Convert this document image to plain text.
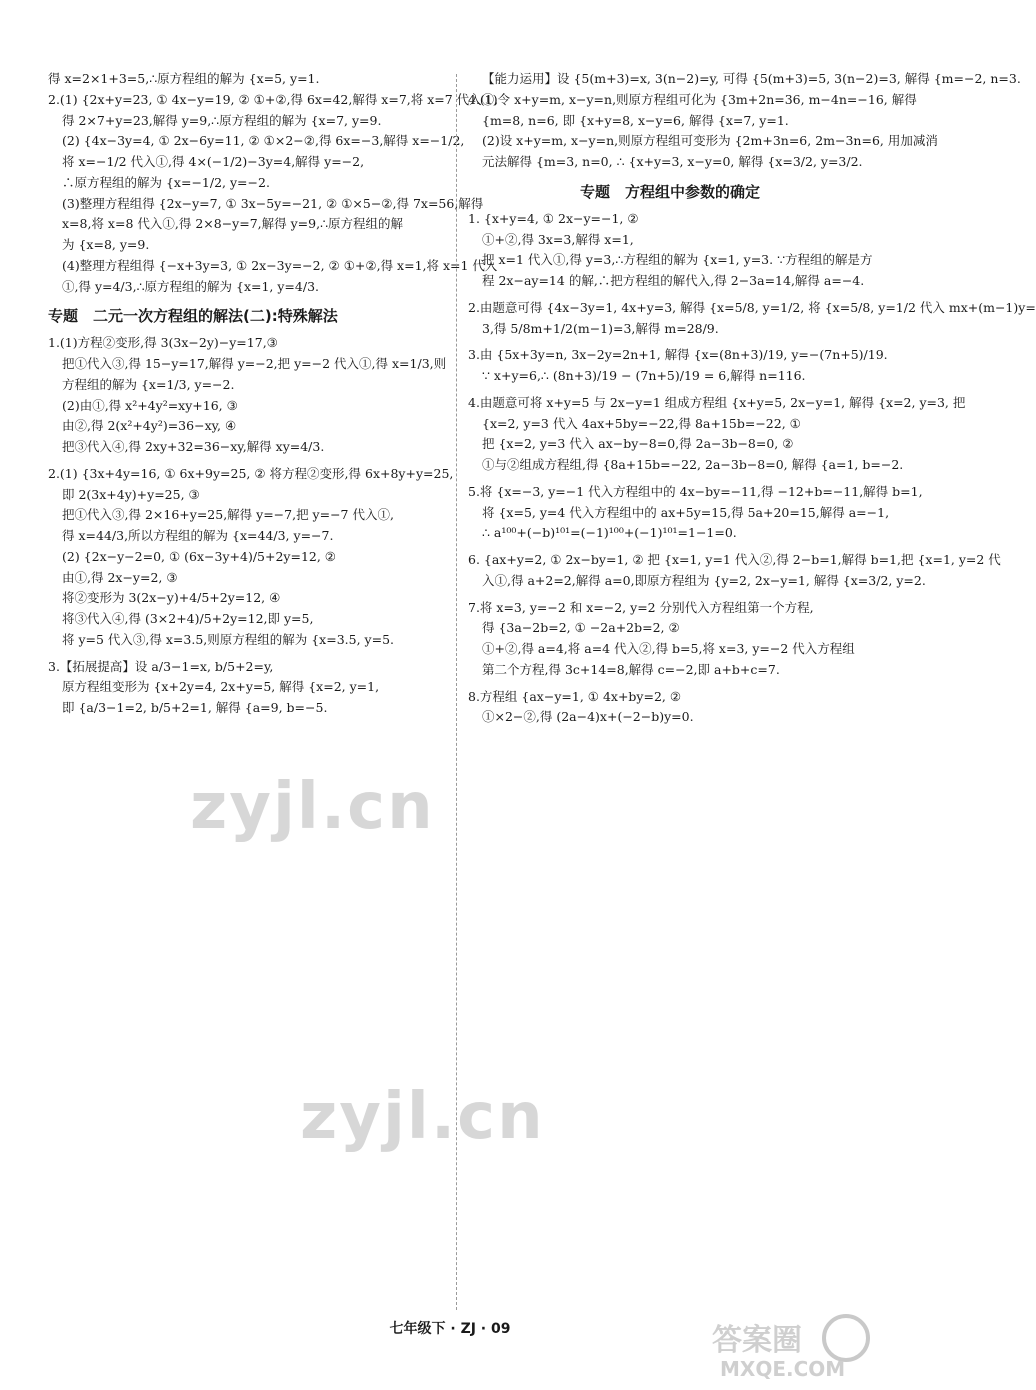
得 x=2×1+3=5,∴原方程组的解为 {x=5, y=1.

2.(1) {2x+y=23, ① 4x−y=19, ② ①+②,得 6x=42,解得 x=7,将 x=7 代入①,

得 2×7+y=23,解得 y=9,∴原方程组的解为 {x=7, y=9.

(2) {4x−3y=4, ① 2x−6y=11, ② ①×2−②,得 6x=−3,解得 x=−1/2,

将 x=−1/2 代入①,得 4×(−1/2)−3y=4,解得 y=−2,

∴原方程组的解为 {x=−1/2, y=−2.

(3)整理方程组得 {2x−y=7, ① 3x−5y=−21, ② ①×5−②,得 7x=56,解得

x=8,将 x=8 代入①,得 2×8−y=7,解得 y=9,∴原方程组的解

为 {x=8, y=9.

(4)整理方程组得 {−x+3y=3, ① 2x−3y=−2, ② ①+②,得 x=1,将 x=1 代入

①,得 y=4/3,∴原方程组的解为 {x=1, y=4/3.

专题　二元一次方程组的解法(二):特殊解法

1.(1)方程②变形,得 3(3x−2y)−y=17,③

把①代入③,得 15−y=17,解得 y=−2,把 y=−2 代入①,得 x=1/3,则

方程组的解为 {x=1/3, y=−2.

(2)由①,得 x²+4y²=xy+16, ③

由②,得 2(x²+4y²)=36−xy, ④

把③代入④,得 2xy+32=36−xy,解得 xy=4/3.

2.(1) {3x+4y=16, ① 6x+9y=25, ② 将方程②变形,得 6x+8y+y=25,

即 2(3x+4y)+y=25, ③

把①代入③,得 2×16+y=25,解得 y=−7,把 y=−7 代入①,

得 x=44/3,所以方程组的解为 {x=44/3, y=−7.

(2) {2x−y−2=0, ① (6x−3y+4)/5+2y=12, ②

由①,得 2x−y=2, ③

将②变形为 3(2x−y)+4/5+2y=12, ④

将③代入④,得 (3×2+4)/5+2y=12,即 y=5,

将 y=5 代入③,得 x=3.5,则原方程组的解为 {x=3.5, y=5.

3.【拓展提高】设 a/3−1=x, b/5+2=y,

原方程组变形为 {x+2y=4, 2x+y=5, 解得 {x=2, y=1,

即 {a/3−1=2, b/5+2=1, 解得 {a=9, b=−5.

【能力运用】设 {5(m+3)=x, 3(n−2)=y, 可得 {5(m+3)=5, 3(n−2)=3, 解得 {m=−2, n=3.

4.(1)令 x+y=m, x−y=n,则原方程组可化为 {3m+2n=36, m−4n=−16, 解得

{m=8, n=6, 即 {x+y=8, x−y=6, 解得 {x=7, y=1.

(2)设 x+y=m, x−y=n,则原方程组可变形为 {2m+3n=6, 2m−3n=6, 用加减消

元法解得 {m=3, n=0, ∴ {x+y=3, x−y=0, 解得 {x=3/2, y=3/2.

专题　方程组中参数的确定

1. {x+y=4, ① 2x−y=−1, ②

①+②,得 3x=3,解得 x=1,

把 x=1 代入①,得 y=3,∴方程组的解为 {x=1, y=3. ∵方程组的解是方

程 2x−ay=14 的解,∴把方程组的解代入,得 2−3a=14,解得 a=−4.

2.由题意可得 {4x−3y=1, 4x+y=3, 解得 {x=5/8, y=1/2, 将 {x=5/8, y=1/2 代入 mx+(m−1)y=

3,得 5/8m+1/2(m−1)=3,解得 m=28/9.

3.由 {5x+3y=n, 3x−2y=2n+1, 解得 {x=(8n+3)/19, y=−(7n+5)/19.

∵ x+y=6,∴ (8n+3)/19 − (7n+5)/19 = 6,解得 n=116.

4.由题意可将 x+y=5 与 2x−y=1 组成方程组 {x+y=5, 2x−y=1, 解得 {x=2, y=3, 把

{x=2, y=3 代入 4ax+5by=−22,得 8a+15b=−22, ①

把 {x=2, y=3 代入 ax−by−8=0,得 2a−3b−8=0, ②

①与②组成方程组,得 {8a+15b=−22, 2a−3b−8=0, 解得 {a=1, b=−2.

5.将 {x=−3, y=−1 代入方程组中的 4x−by=−11,得 −12+b=−11,解得 b=1,

将 {x=5, y=4 代入方程组中的 ax+5y=15,得 5a+20=15,解得 a=−1,

∴ a¹⁰⁰+(−b)¹⁰¹=(−1)¹⁰⁰+(−1)¹⁰¹=1−1=0.

6. {ax+y=2, ① 2x−by=1, ② 把 {x=1, y=1 代入②,得 2−b=1,解得 b=1,把 {x=1, y=2 代

入①,得 a+2=2,解得 a=0,即原方程组为 {y=2, 2x−y=1, 解得 {x=3/2, y=2.

7.将 x=3, y=−2 和 x=−2, y=2 分别代入方程组第一个方程,

得 {3a−2b=2, ① −2a+2b=2, ②

①+②,得 a=4,将 a=4 代入②,得 b=5,将 x=3, y=−2 代入方程组

第二个方程,得 3c+14=8,解得 c=−2,即 a+b+c=7.

8.方程组 {ax−y=1, ① 4x+by=2, ②

①×2−②,得 (2a−4)x+(−2−b)y=0.

zyjl.cn
zyjl.cn
七年级下 · ZJ · 09	答案圈
MXQE.COM
